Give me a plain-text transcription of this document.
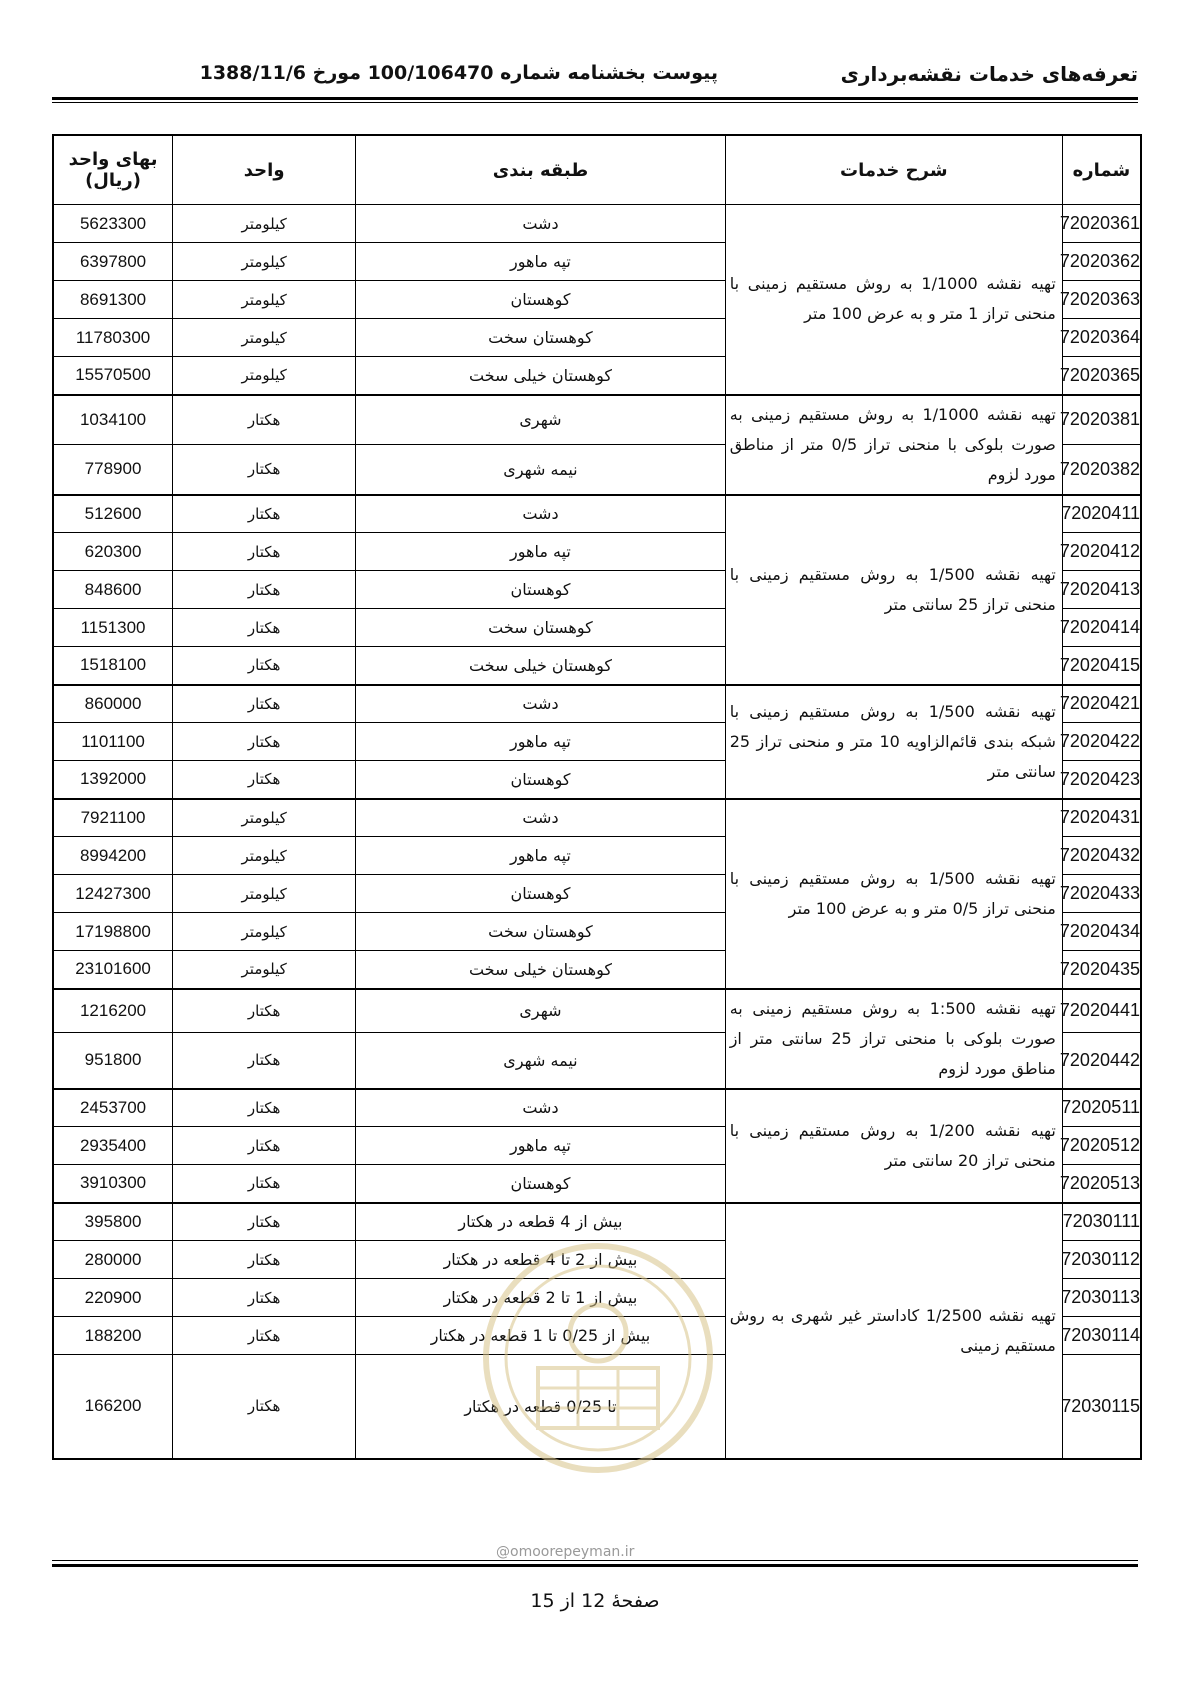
تعرفه‌های خدمات نقشه‌برداری
پیوست بخشنامه شماره 100/106470 مورخ 1388/11/6
شماره	شرح خدمات	طبقه بندی	واحد	بهای واحد (ریال)
72020361	تهیه نقشه 1/1000 به روش مستقیم زمینی با منحنی تراز 1 متر و به عرض 100 متر	دشت	کیلومتر	5623300
72020362		تپه ماهور	کیلومتر	6397800
72020363		کوهستان	کیلومتر	8691300
72020364		کوهستان سخت	کیلومتر	11780300
72020365		کوهستان خیلی سخت	کیلومتر	15570500
72020381	تهیه نقشه 1/1000 به روش مستقیم زمینی به صورت بلوکی با منحنی تراز 0/5 متر از مناطق مورد لزوم	شهری	هکتار	1034100
72020382		نیمه شهری	هکتار	778900
72020411	تهیه نقشه 1/500 به روش مستقیم زمینی با منحنی تراز 25 سانتی متر	دشت	هکتار	512600
72020412		تپه ماهور	هکتار	620300
72020413		کوهستان	هکتار	848600
72020414		کوهستان سخت	هکتار	1151300
72020415		کوهستان خیلی سخت	هکتار	1518100
72020421	تهیه نقشه 1/500 به روش مستقیم زمینی با شبکه بندی قائم‌الزاویه 10 متر و منحنی تراز 25 سانتی متر	دشت	هکتار	860000
72020422		تپه ماهور	هکتار	1101100
72020423		کوهستان	هکتار	1392000
72020431	تهیه نقشه 1/500 به روش مستقیم زمینی با منحنی تراز 0/5 متر و به عرض 100 متر	دشت	کیلومتر	7921100
72020432		تپه ماهور	کیلومتر	8994200
72020433		کوهستان	کیلومتر	12427300
72020434		کوهستان سخت	کیلومتر	17198800
72020435		کوهستان خیلی سخت	کیلومتر	23101600
72020441	تهیه نقشه 1:500 به روش مستقیم زمینی به صورت بلوکی با منحنی تراز 25 سانتی متر از مناطق مورد لزوم	شهری	هکتار	1216200
72020442		نیمه شهری	هکتار	951800
72020511	تهیه نقشه 1/200 به روش مستقیم زمینی با منحنی تراز 20 سانتی متر	دشت	هکتار	2453700
72020512		تپه ماهور	هکتار	2935400
72020513		کوهستان	هکتار	3910300
72030111	تهیه نقشه 1/2500 کاداستر غیر شهری به روش مستقیم زمینی	بیش از 4 قطعه در هکتار	هکتار	395800
72030112		بیش از 2 تا 4 قطعه در هکتار	هکتار	280000
72030113		بیش از 1 تا 2 قطعه در هکتار	هکتار	220900
72030114		بیش از 0/25 تا 1 قطعه در هکتار	هکتار	188200
72030115		تا 0/25 قطعه در هکتار	هکتار	166200
@omoorepeyman.ir
صفحهٔ 12 از 15
